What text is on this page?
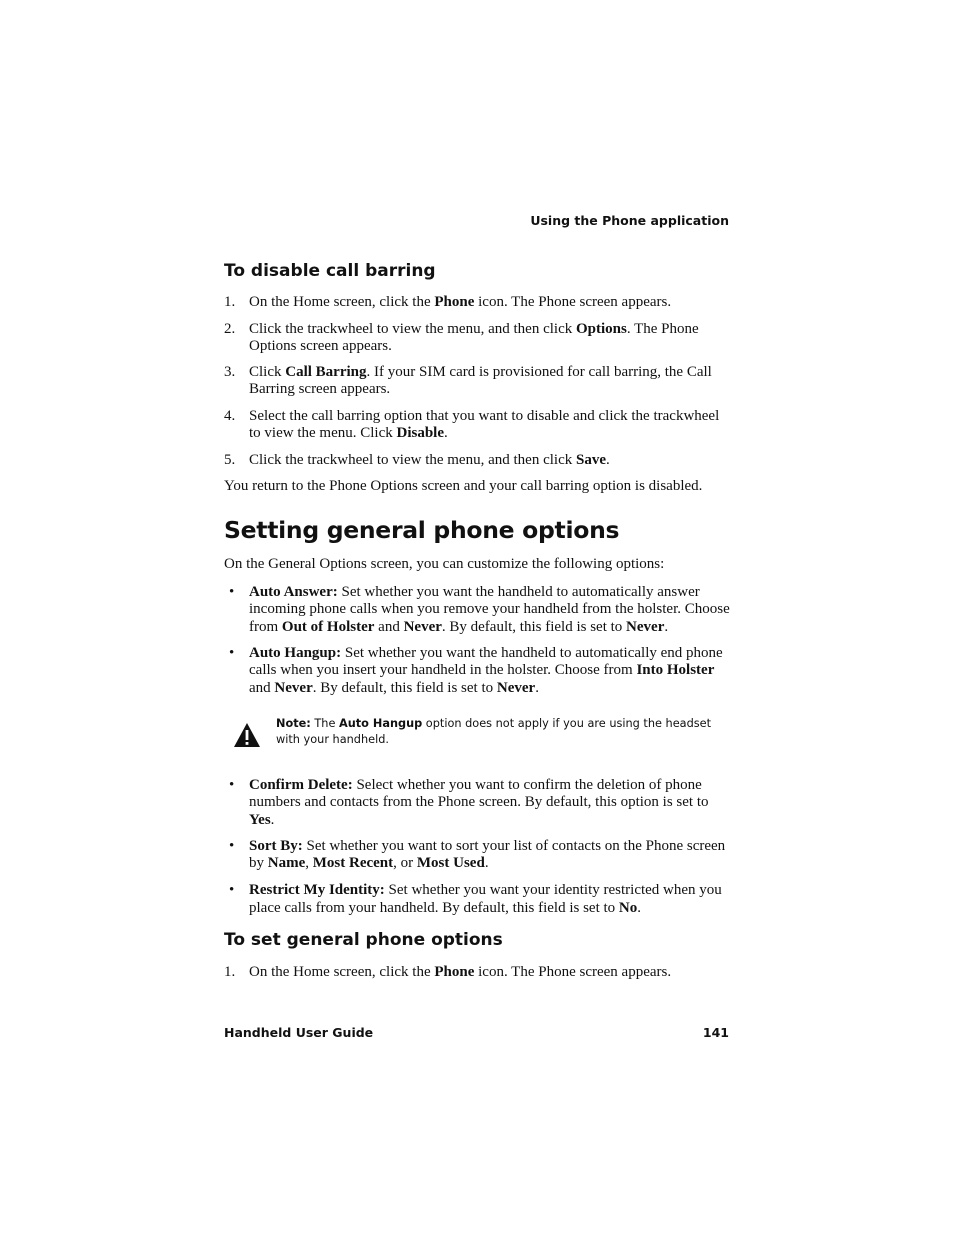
Using the Phone application
To disable call barring
1. On the Home screen, click the Phone icon. The Phone screen appears.
2. Click the trackwheel to view the menu, and then click Options. The Phone Options screen appears.
3. Click Call Barring. If your SIM card is provisioned for call barring, the Call Barring screen appears.
4. Select the call barring option that you want to disable and click the trackwheel to view the menu. Click Disable.
5. Click the trackwheel to view the menu, and then click Save.
You return to the Phone Options screen and your call barring option is disabled.
Setting general phone options
On the General Options screen, you can customize the following options:
• Auto Answer: Set whether you want the handheld to automatically answer incoming phone calls when you remove your handheld from the holster. Choose from Out of Holster and Never. By default, this field is set to Never.
• Auto Hangup: Set whether you want the handheld to automatically end phone calls when you insert your handheld in the holster. Choose from Into Holster and Never. By default, this field is set to Never.
Note: The Auto Hangup option does not apply if you are using the headset with your handheld.
• Confirm Delete: Select whether you want to confirm the deletion of phone numbers and contacts from the Phone screen. By default, this option is set to Yes.
• Sort By: Set whether you want to sort your list of contacts on the Phone screen by Name, Most Recent, or Most Used.
• Restrict My Identity: Set whether you want your identity restricted when you place calls from your handheld. By default, this field is set to No.
To set general phone options
1. On the Home screen, click the Phone icon. The Phone screen appears.
Handheld User Guide	141
